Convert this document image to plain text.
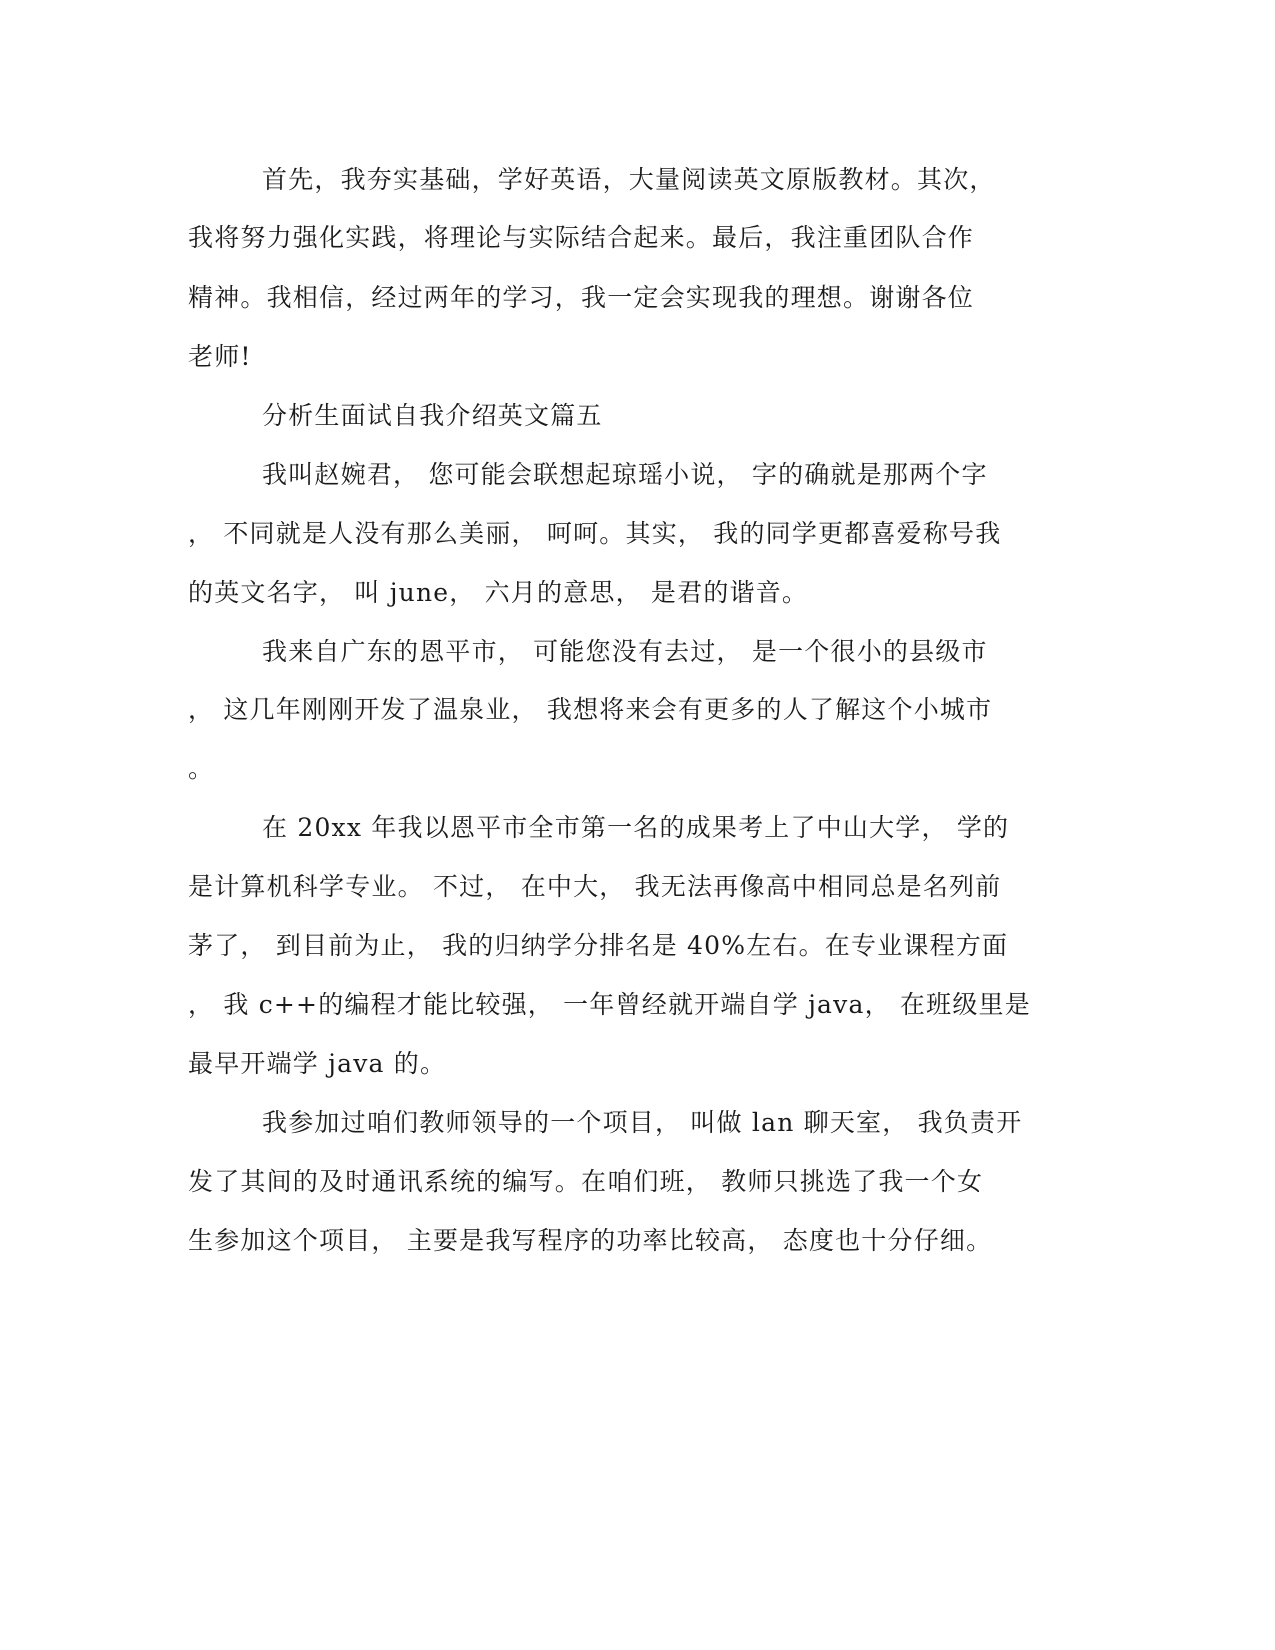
首先，我夯实基础，学好英语，大量阅读英文原版教材。其次，
我将努力强化实践，将理论与实际结合起来。最后，我注重团队合作
精神。我相信，经过两年的学习，我一定会实现我的理想。谢谢各位
老师!
分析生面试自我介绍英文篇五
我叫赵婉君， 您可能会联想起琼瑶小说， 字的确就是那两个字
， 不同就是人没有那么美丽， 呵呵。其实， 我的同学更都喜爱称号我
的英文名字， 叫 june， 六月的意思， 是君的谐音。
我来自广东的恩平市， 可能您没有去过， 是一个很小的县级市
， 这几年刚刚开发了温泉业， 我想将来会有更多的人了解这个小城市
。
在 20xx 年我以恩平市全市第一名的成果考上了中山大学， 学的
是计算机科学专业。 不过， 在中大， 我无法再像高中相同总是名列前
茅了， 到目前为止， 我的归纳学分排名是 40%左右。在专业课程方面
， 我 c++的编程才能比较强， 一年曾经就开端自学 java， 在班级里是
最早开端学 java 的。
我参加过咱们教师领导的一个项目， 叫做 lan 聊天室， 我负责开
发了其间的及时通讯系统的编写。在咱们班， 教师只挑选了我一个女
生参加这个项目， 主要是我写程序的功率比较高， 态度也十分仔细。
